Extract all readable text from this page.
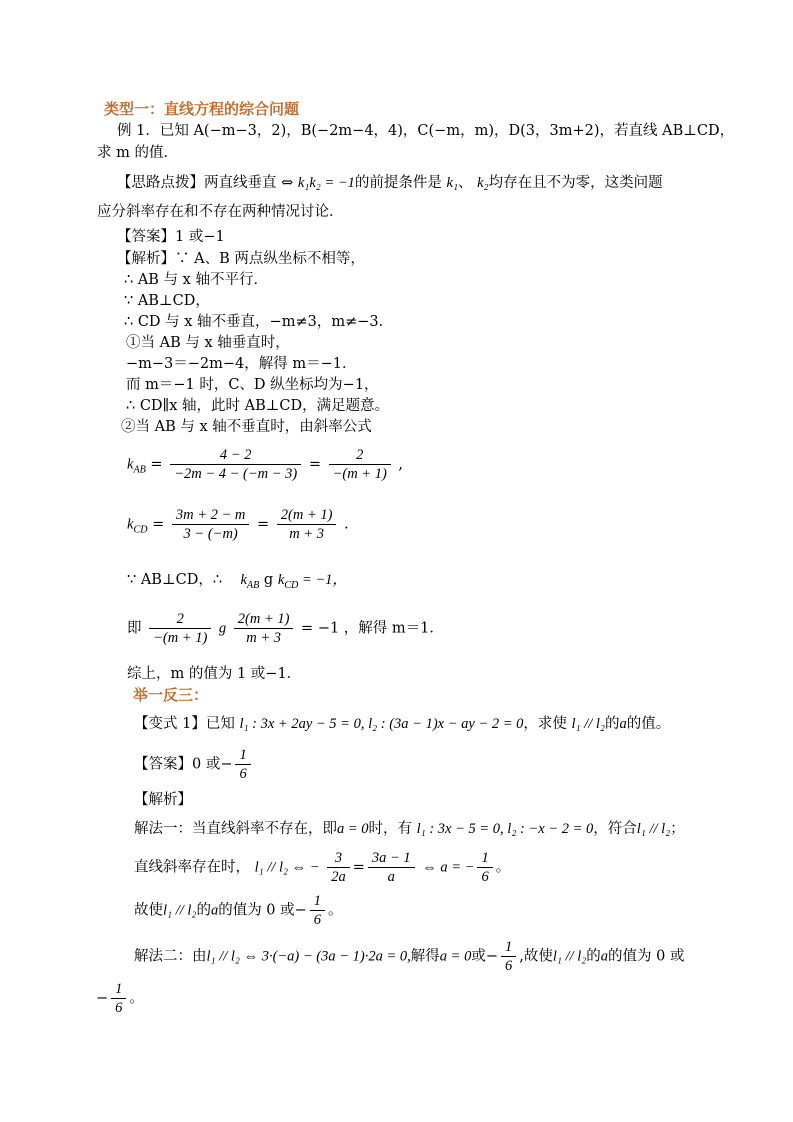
类型一：直线方程的综合问题
例 1．已知 A(−m−3，2)，B(−2m−4，4)，C(−m，m)，D(3，3m+2)，若直线 AB⊥CD，
求 m 的值．
【思路点拨】两直线垂直 ⇔ k₁k₂ = −1的前提条件是 k₁、 k₂均存在且不为零，这类问题
应分斜率存在和不存在两种情况讨论．
【答案】1 或−1
【解析】∵ A、B 两点纵坐标不相等，
∴ AB 与 x 轴不平行．
∵ AB⊥CD，
∴ CD 与 x 轴不垂直，−m≠3，m≠−3．
①当 AB 与 x 轴垂直时，
−m−3＝−2m−4，解得 m＝−1．
而 m＝−1 时，C、D 纵坐标均为−1，
∴ CD∥x 轴，此时 AB⊥CD，满足题意。
②当 AB 与 x 轴不垂直时，由斜率公式
$k_{AB} = \frac{4 - 2}{-2m - 4 - (-m - 3)} = \frac{2}{-(m + 1)}$ ,
$k_{CD} = \frac{3m + 2 - m}{3 - (-m)} = \frac{2(m + 1)}{m + 3}$ .
∵ AB⊥CD，∴ $k_{AB}$ g $k_{CD} = -1$，
即 $\frac{2}{-(m + 1)}$ g $\frac{2(m + 1)}{m + 3} = -1$ ，解得 m＝1．
综上，m 的值为 1 或−1．
举一反三：
【变式 1】已知 l₁ : 3x + 2ay − 5 = 0, l₂ : (3a − 1)x − ay − 2 = 0，求使 l₁ // l₂的a的值。
【答案】0 或− $\frac{1}{6}$
【解析】
解法一：当直线斜率不存在，即a = 0时，有 l₁ : 3x − 5 = 0, l₂ : −x − 2 = 0，符合l₁ // l₂；
直线斜率存在时， l₁ // l₂ ⇔ − $\frac{3}{2a} = \frac{3a - 1}{a}$ ⇔ a = − $\frac{1}{6}$ 。
故使l₁ // l₂的a的值为 0 或− $\frac{1}{6}$ 。
解法二：由l₁ // l₂ ⇔ 3·(−a) − (3a − 1)·2a = 0,解得a = 0或− $\frac{1}{6}$ ,故使l₁ // l₂的a的值为 0 或
− $\frac{1}{6}$ 。
